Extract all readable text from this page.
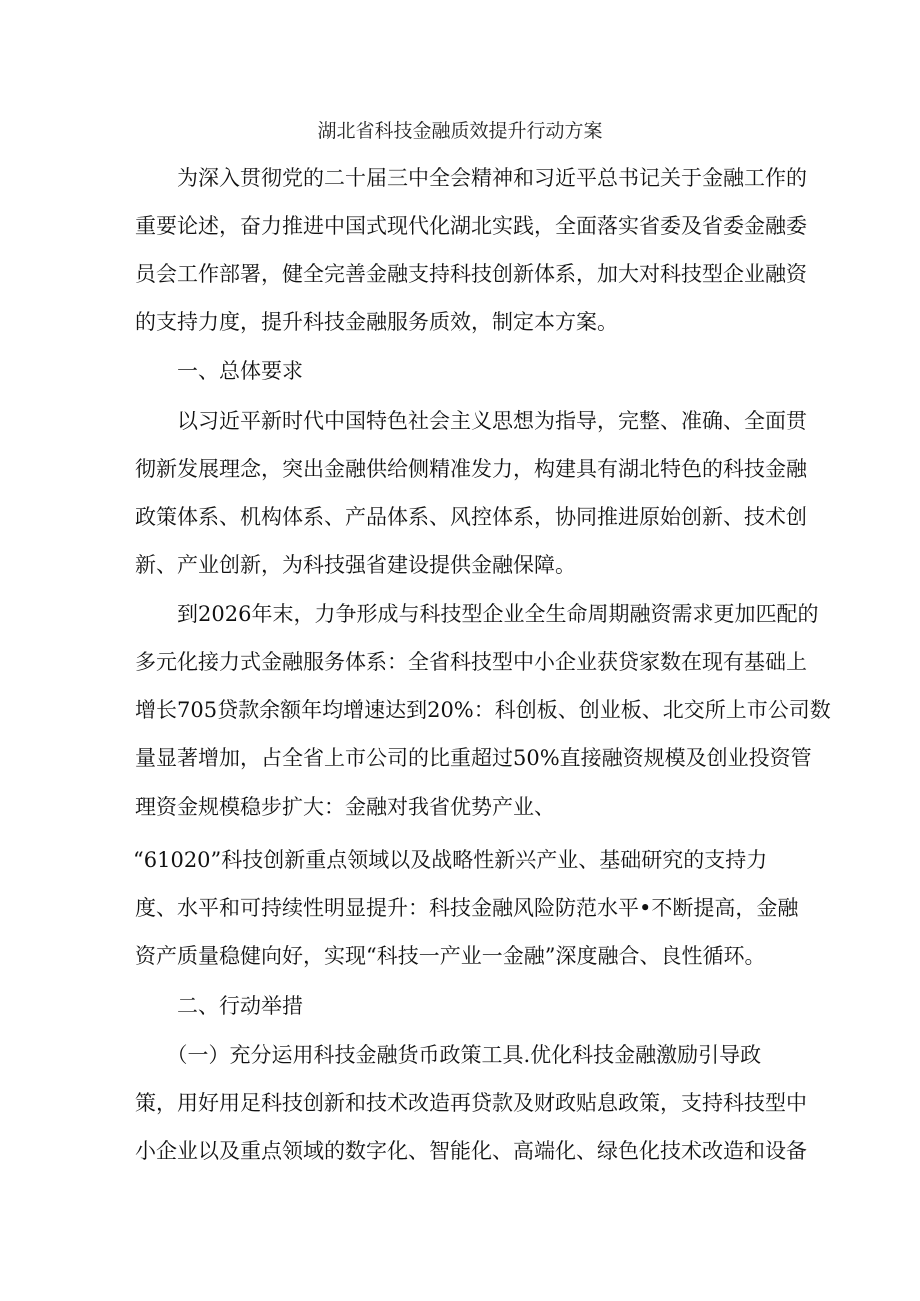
湖北省科技金融质效提升行动方案
　　为深入贯彻党的二十届三中全会精神和习近平总书记关于金融工作的
重要论述，奋力推进中国式现代化湖北实践，全面落实省委及省委金融委
员会工作部署，健全完善金融支持科技创新体系，加大对科技型企业融资
的支持力度，提升科技金融服务质效，制定本方案。
　　一、总体要求
　　以习近平新时代中国特色社会主义思想为指导，完整、准确、全面贯
彻新发展理念，突出金融供给侧精准发力，构建具有湖北特色的科技金融
政策体系、机构体系、产品体系、风控体系，协同推进原始创新、技术创
新、产业创新，为科技强省建设提供金融保障。
　　到2026年末，力争形成与科技型企业全生命周期融资需求更加匹配的
多元化接力式金融服务体系：全省科技型中小企业获贷家数在现有基础上
增长705贷款余额年均增速达到20%：科创板、创业板、北交所上市公司数
量显著增加，占全省上市公司的比重超过50%直接融资规模及创业投资管
理资金规模稳步扩大：金融对我省优势产业、
“61020”科技创新重点领域以及战略性新兴产业、基础研究的支持力
度、水平和可持续性明显提升：科技金融风险防范水平•不断提高，金融
资产质量稳健向好，实现“科技一产业一金融”深度融合、良性循环。
　　二、行动举措
　　（一）充分运用科技金融货币政策工具.优化科技金融激励引导政
策，用好用足科技创新和技术改造再贷款及财政贴息政策，支持科技型中
小企业以及重点领域的数字化、智能化、高端化、绿色化技术改造和设备
